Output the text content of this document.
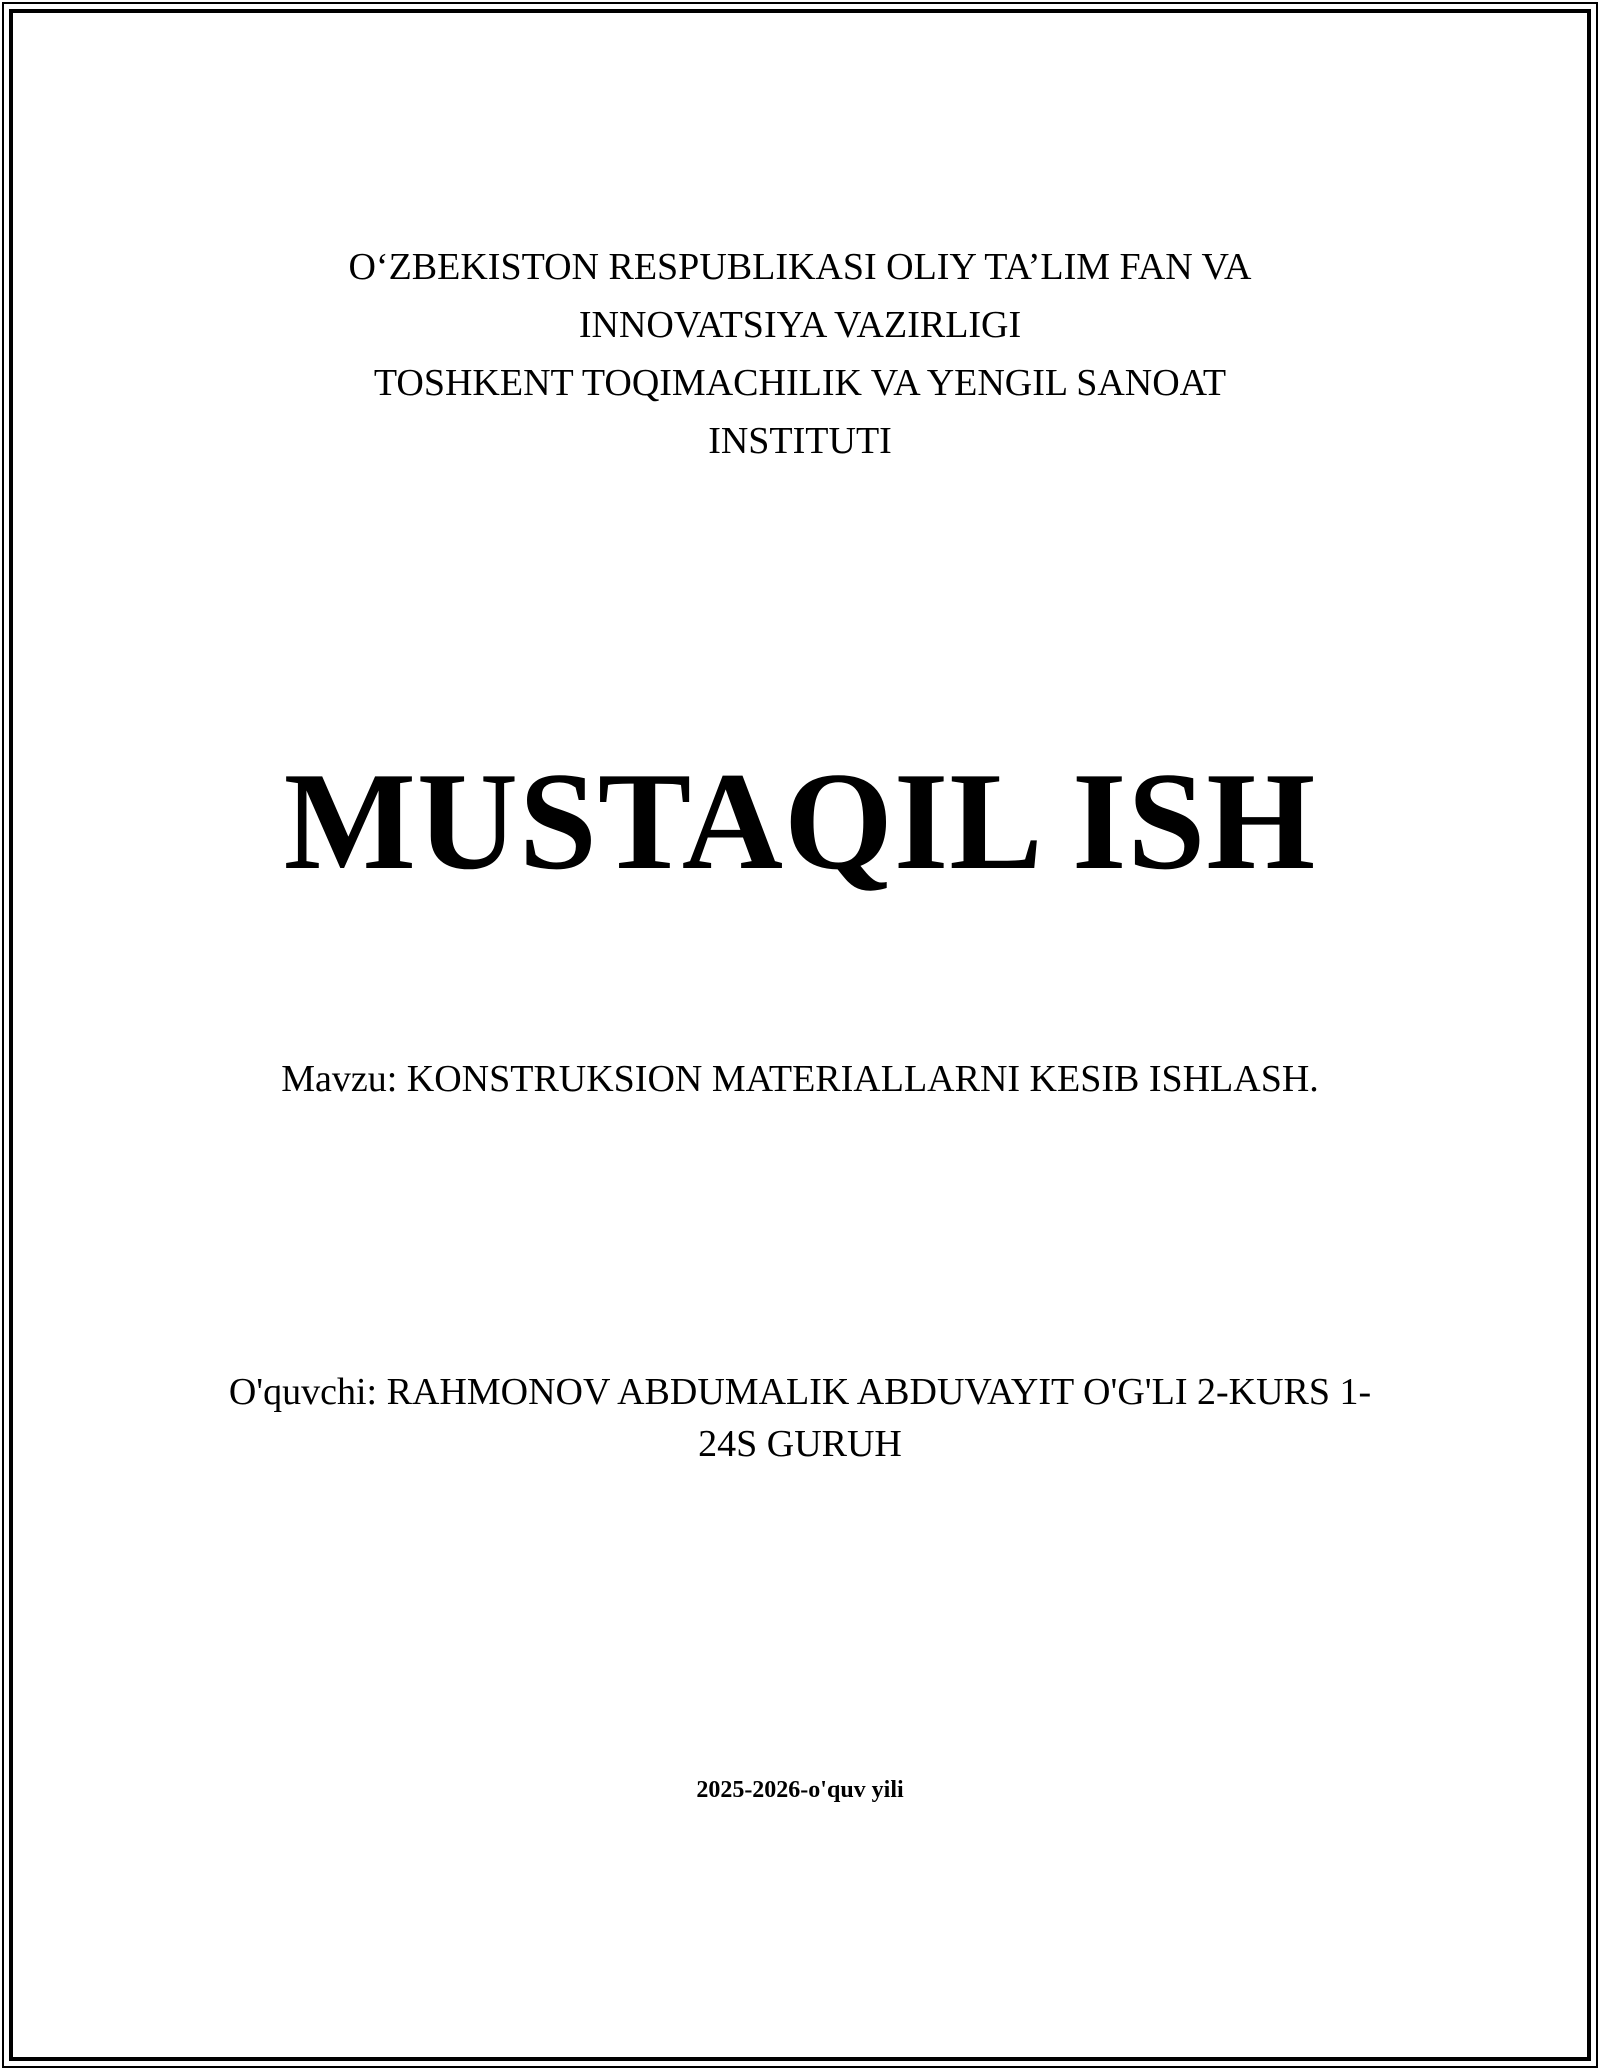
O‘ZBEKISTON RESPUBLIKASI OLIY TA’LIM FAN VA
INNOVATSIYA VAZIRLIGI
TOSHKENT TOQIMACHILIK VA YENGIL SANOAT
INSTITUTI
MUSTAQIL ISH
Mavzu: KONSTRUKSION MATERIALLARNI KESIB ISHLASH.
O'quvchi: RAHMONOV ABDUMALIK ABDUVAYIT O'G'LI 2-KURS 1-
24S GURUH
2025-2026-o'quv yili
